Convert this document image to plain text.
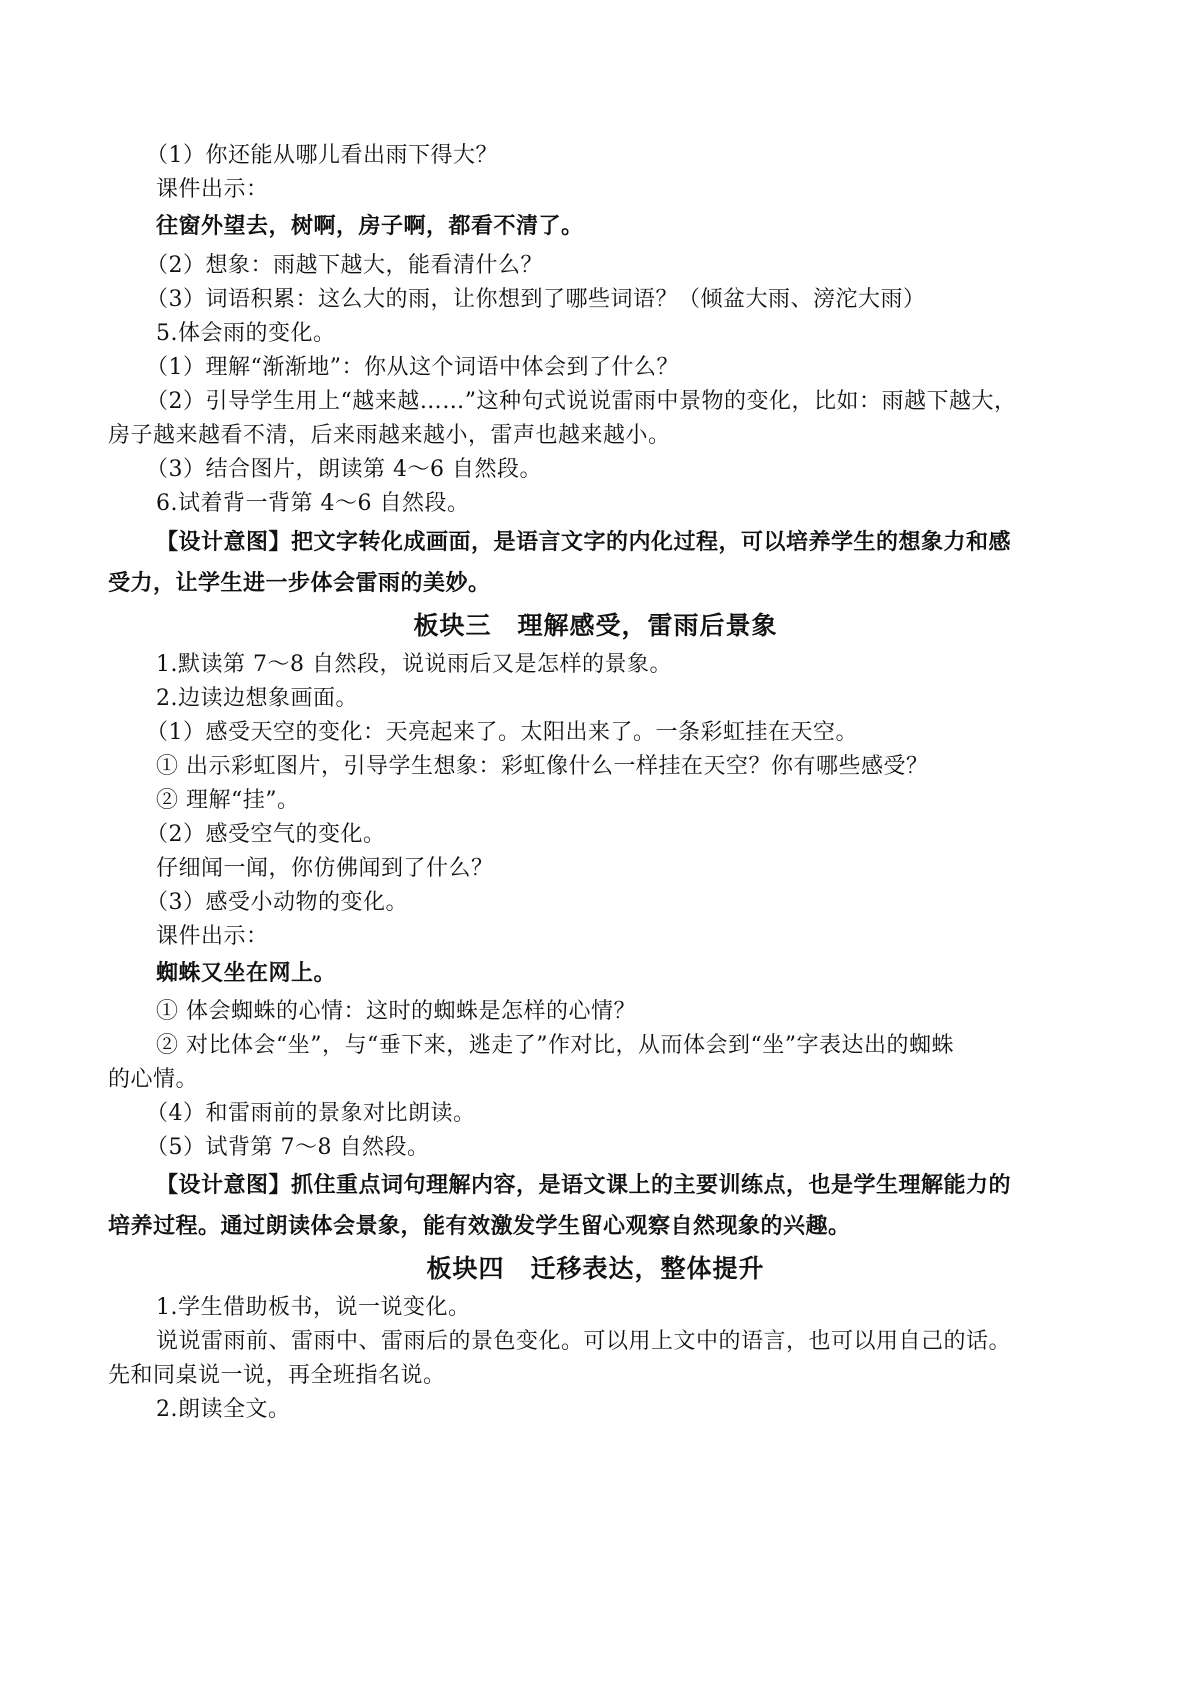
（1）你还能从哪儿看出雨下得大？
课件出示：
往窗外望去，树啊，房子啊，都看不清了。
（2）想象：雨越下越大，能看清什么？
（3）词语积累：这么大的雨，让你想到了哪些词语？（倾盆大雨、滂沱大雨）
5.体会雨的变化。
（1）理解“渐渐地”：你从这个词语中体会到了什么？
（2）引导学生用上“越来越……”这种句式说说雷雨中景物的变化，比如：雨越下越大，
房子越来越看不清，后来雨越来越小，雷声也越来越小。
（3）结合图片，朗读第 4～6 自然段。
6.试着背一背第 4～6 自然段。
【设计意图】把文字转化成画面，是语言文字的内化过程，可以培养学生的想象力和感
受力，让学生进一步体会雷雨的美妙。
板块三　理解感受，雷雨后景象
1.默读第 7～8 自然段，说说雨后又是怎样的景象。
2.边读边想象画面。
（1）感受天空的变化：天亮起来了。太阳出来了。一条彩虹挂在天空。
① 出示彩虹图片，引导学生想象：彩虹像什么一样挂在天空？你有哪些感受？
② 理解“挂”。
（2）感受空气的变化。
仔细闻一闻，你仿佛闻到了什么？
（3）感受小动物的变化。
课件出示：
蜘蛛又坐在网上。
① 体会蜘蛛的心情：这时的蜘蛛是怎样的心情？
② 对比体会“坐”，与“垂下来，逃走了”作对比，从而体会到“坐”字表达出的蜘蛛
的心情。
（4）和雷雨前的景象对比朗读。
（5）试背第 7～8 自然段。
【设计意图】抓住重点词句理解内容，是语文课上的主要训练点，也是学生理解能力的
培养过程。通过朗读体会景象，能有效激发学生留心观察自然现象的兴趣。
板块四　迁移表达，整体提升
1.学生借助板书，说一说变化。
说说雷雨前、雷雨中、雷雨后的景色变化。可以用上文中的语言，也可以用自己的话。
先和同桌说一说，再全班指名说。
2.朗读全文。
